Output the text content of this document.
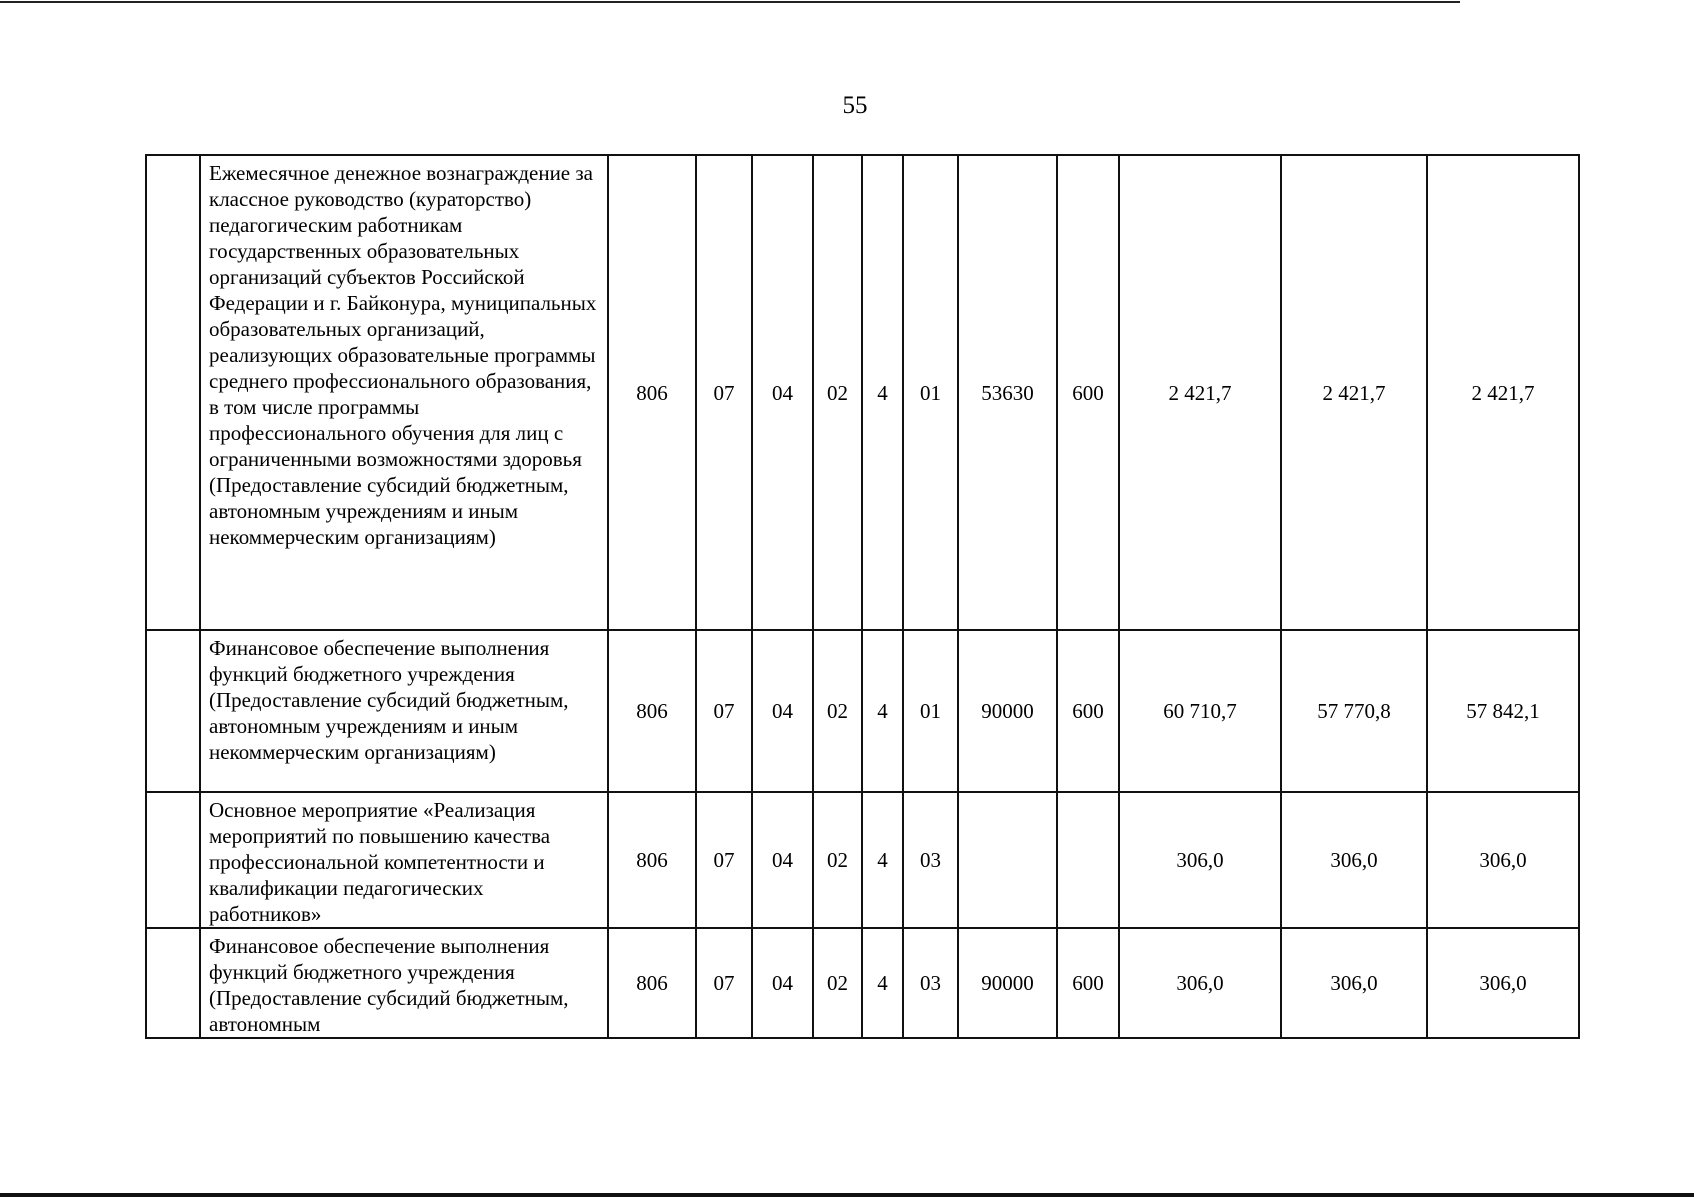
55
	Ежемесячное денежное вознаграждение за классное руководство (кураторство) педагогическим работникам государственных образовательных организаций субъектов Российской Федерации и г. Байконура, муниципальных образовательных организаций, реализующих образовательные программы среднего профессионального образования, в том числе программы профессионального обучения для лиц с ограниченными возможностями здоровья (Предоставление субсидий бюджетным, автономным учреждениям и иным некоммерческим организациям)	806	07	04	02	4	01	53630	600	2 421,7	2 421,7	2 421,7
	Финансовое обеспечение выполнения функций бюджетного учреждения (Предоставление субсидий бюджетным, автономным учреждениям и иным некоммерческим организациям)	806	07	04	02	4	01	90000	600	60 710,7	57 770,8	57 842,1
	Основное мероприятие «Реализация мероприятий по повышению качества профессиональной компетентности и квалификации педагогических работников»	806	07	04	02	4	03			306,0	306,0	306,0
	Финансовое обеспечение выполнения функций бюджетного учреждения (Предоставление субсидий бюджетным, автономным	806	07	04	02	4	03	90000	600	306,0	306,0	306,0
